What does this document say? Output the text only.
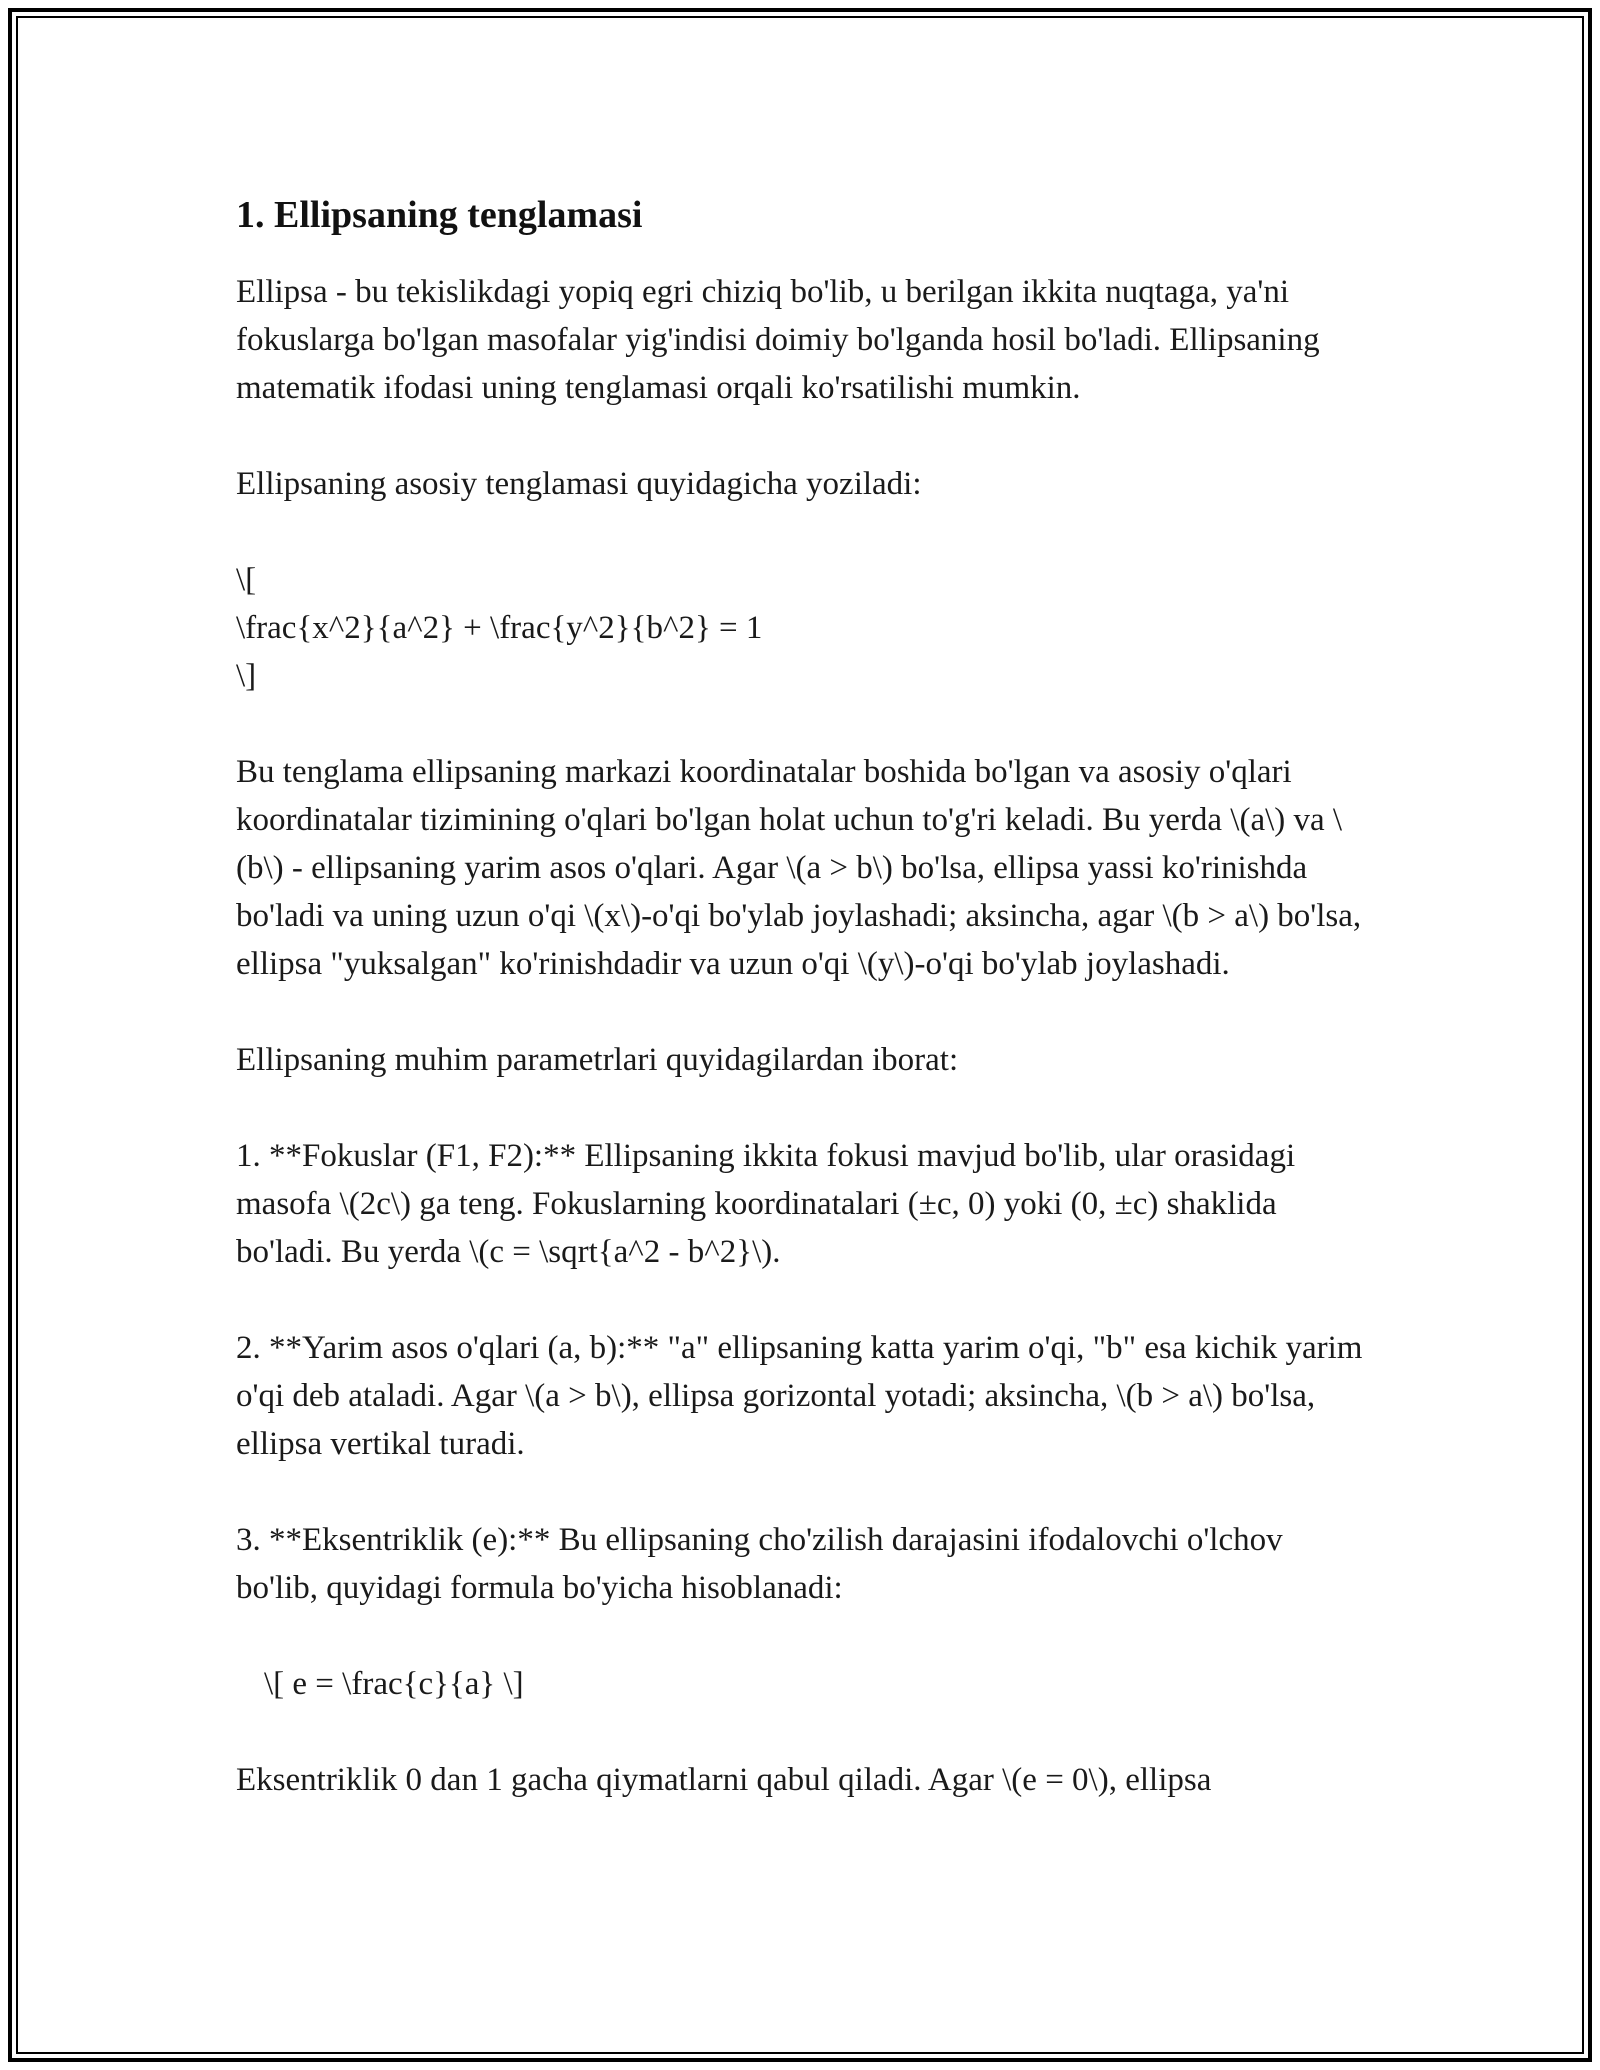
1. Ellipsaning tenglamasi

Ellipsa - bu tekislikdagi yopiq egri chiziq bo'lib, u berilgan ikkita nuqtaga, ya'ni fokuslarga bo'lgan masofalar yig'indisi doimiy bo'lganda hosil bo'ladi. Ellipsaning matematik ifodasi uning tenglamasi orqali ko'rsatilishi mumkin.

Ellipsaning asosiy tenglamasi quyidagicha yoziladi:

\[
\frac{x^2}{a^2} + \frac{y^2}{b^2} = 1
\]

Bu tenglama ellipsaning markazi koordinatalar boshida bo'lgan va asosiy o'qlari koordinatalar tizimining o'qlari bo'lgan holat uchun to'g'ri keladi. Bu yerda \(a\) va \(b\) - ellipsaning yarim asos o'qlari. Agar \(a > b\) bo'lsa, ellipsa yassi ko'rinishda bo'ladi va uning uzun o'qi \(x\)-o'qi bo'ylab joylashadi; aksincha, agar \(b > a\) bo'lsa, ellipsa "yuksalgan" ko'rinishdadir va uzun o'qi \(y\)-o'qi bo'ylab joylashadi.

Ellipsaning muhim parametrlari quyidagilardan iborat:

1. **Fokuslar (F1, F2):** Ellipsaning ikkita fokusi mavjud bo'lib, ular orasidagi masofa \(2c\) ga teng. Fokuslarning koordinatalari (±c, 0) yoki (0, ±c) shaklida bo'ladi. Bu yerda \(c = \sqrt{a^2 - b^2}\).

2. **Yarim asos o'qlari (a, b):** "a" ellipsaning katta yarim o'qi, "b" esa kichik yarim o'qi deb ataladi. Agar \(a > b\), ellipsa gorizontal yotadi; aksincha, \(b > a\) bo'lsa, ellipsa vertikal turadi.

3. **Eksentriklik (e):** Bu ellipsaning cho'zilish darajasini ifodalovchi o'lchov bo'lib, quyidagi formula bo'yicha hisoblanadi:

\[ e = \frac{c}{a} \]

Eksentriklik 0 dan 1 gacha qiymatlarni qabul qiladi. Agar \(e = 0\), ellipsa
